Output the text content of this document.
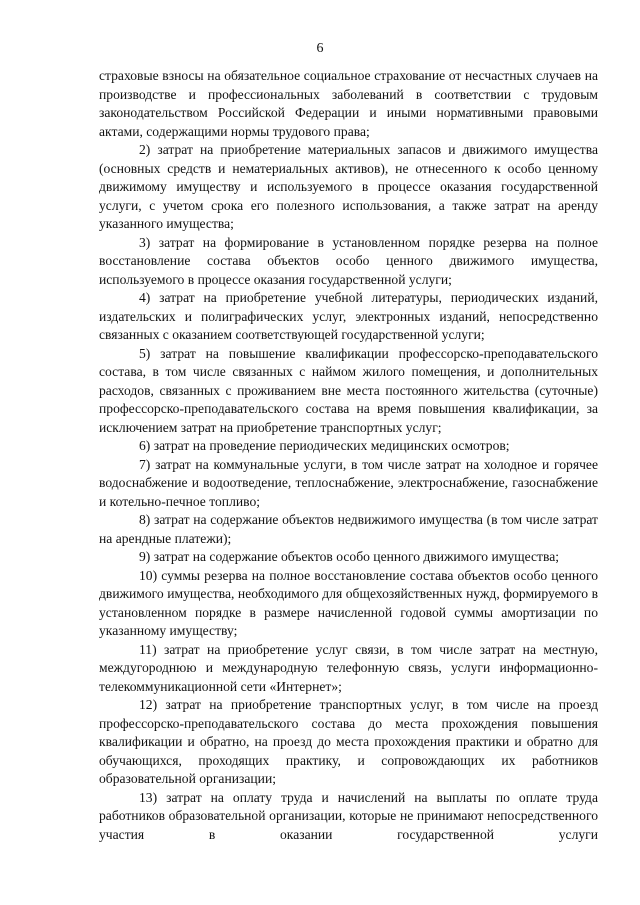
6

страховые взносы на обязательное социальное страхование от несчастных случаев на производстве и профессиональных заболеваний в соответствии с трудовым законодательством Российской Федерации и иными нормативными правовыми актами, содержащими нормы трудового права;

2) затрат на приобретение материальных запасов и движимого имущества (основных средств и нематериальных активов), не отнесенного к особо ценному движимому имуществу и используемого в процессе оказания государственной услуги, с учетом срока его полезного использования, а также затрат на аренду указанного имущества;

3) затрат на формирование в установленном порядке резерва на полное восстановление состава объектов особо ценного движимого имущества, используемого в процессе оказания государственной услуги;

4) затрат на приобретение учебной литературы, периодических изданий, издательских и полиграфических услуг, электронных изданий, непосредственно связанных с оказанием соответствующей государственной услуги;

5) затрат на повышение квалификации профессорско-преподавательского состава, в том числе связанных с наймом жилого помещения, и дополнительных расходов, связанных с проживанием вне места постоянного жительства (суточные) профессорско-преподавательского состава на время повышения квалификации, за исключением затрат на приобретение транспортных услуг;

6) затрат на проведение периодических медицинских осмотров;

7) затрат на коммунальные услуги, в том числе затрат на холодное и горячее водоснабжение и водоотведение, теплоснабжение, электроснабжение, газоснабжение и котельно-печное топливо;

8) затрат на содержание объектов недвижимого имущества (в том числе затрат на арендные платежи);

9) затрат на содержание объектов особо ценного движимого имущества;

10) суммы резерва на полное восстановление состава объектов особо ценного движимого имущества, необходимого для общехозяйственных нужд, формируемого в установленном порядке в размере начисленной годовой суммы амортизации по указанному имуществу;

11) затрат на приобретение услуг связи, в том числе затрат на местную, междугороднюю и международную телефонную связь, услуги информационно-телекоммуникационной сети «Интернет»;

12) затрат на приобретение транспортных услуг, в том числе на проезд профессорско-преподавательского состава до места прохождения повышения квалификации и обратно, на проезд до места прохождения практики и обратно для обучающихся, проходящих практику, и сопровождающих их работников образовательной организации;

13) затрат на оплату труда и начислений на выплаты по оплате труда работников образовательной организации, которые не принимают непосредственного участия в оказании государственной услуги
